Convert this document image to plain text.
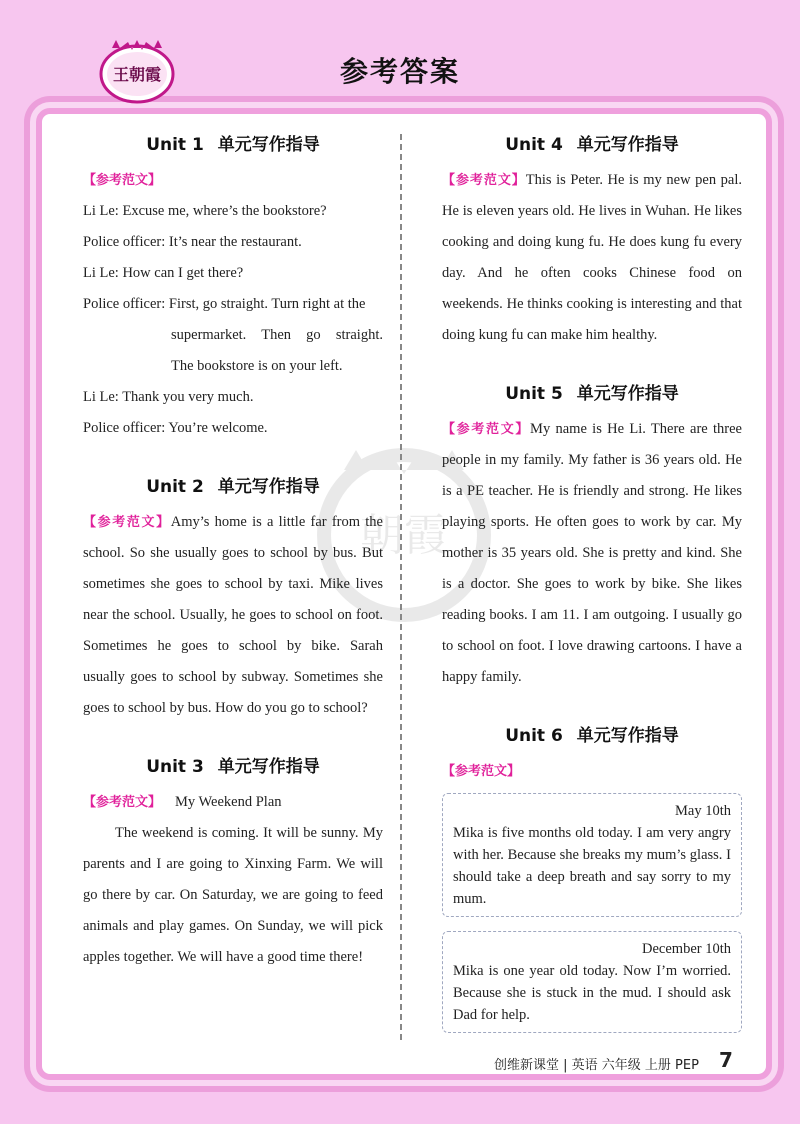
王朝霞	参考答案
朝霞
Unit 1 单元写作指导

【参考范文】

Li Le: Excuse me, where’s the bookstore?

Police officer: It’s near the restaurant.

Li Le: How can I get there?

Police officer: First, go straight. Turn right at the

supermarket. Then go straight.

The bookstore is on your left.

Li Le: Thank you very much.

Police officer: You’re welcome.

Unit 2 单元写作指导

【参考范文】Amy’s home is a little far from the school. So she usually goes to school by bus. But sometimes she goes to school by taxi. Mike lives near the school. Usually, he goes to school on foot. Sometimes he goes to school by bike. Sarah usually goes to school by subway. Sometimes she goes to school by bus. How do you go to school?

Unit 3 单元写作指导

【参考范文】 My Weekend Plan

The weekend is coming. It will be sunny. My parents and I are going to Xinxing Farm. We will go there by car. On Saturday, we are going to feed animals and play games. On Sunday, we will pick apples together. We will have a good time there!

Unit 4 单元写作指导

【参考范文】This is Peter. He is my new pen pal. He is eleven years old. He lives in Wuhan. He likes cooking and doing kung fu. He does kung fu every day. And he often cooks Chinese food on weekends. He thinks cooking is interesting and that doing kung fu can make him healthy.

Unit 5 单元写作指导

【参考范文】My name is He Li. There are three people in my family. My father is 36 years old. He is a PE teacher. He is friendly and strong. He likes playing sports. He often goes to work by car. My mother is 35 years old. She is pretty and kind. She is a doctor. She goes to work by bike. She likes reading books. I am 11. I am outgoing. I usually go to school on foot. I love drawing cartoons. I have a happy family.

Unit 6 单元写作指导

【参考范文】

May 10th
Mika is five months old today. I am very angry with her. Because she breaks my mum’s glass. I should take a deep breath and say sorry to my mum.
December 10th
Mika is one year old today. Now I’m worried. Because she is stuck in the mud. I should ask Dad for help.
创维新课堂 | 英语 六年级 上册 PEP 7
